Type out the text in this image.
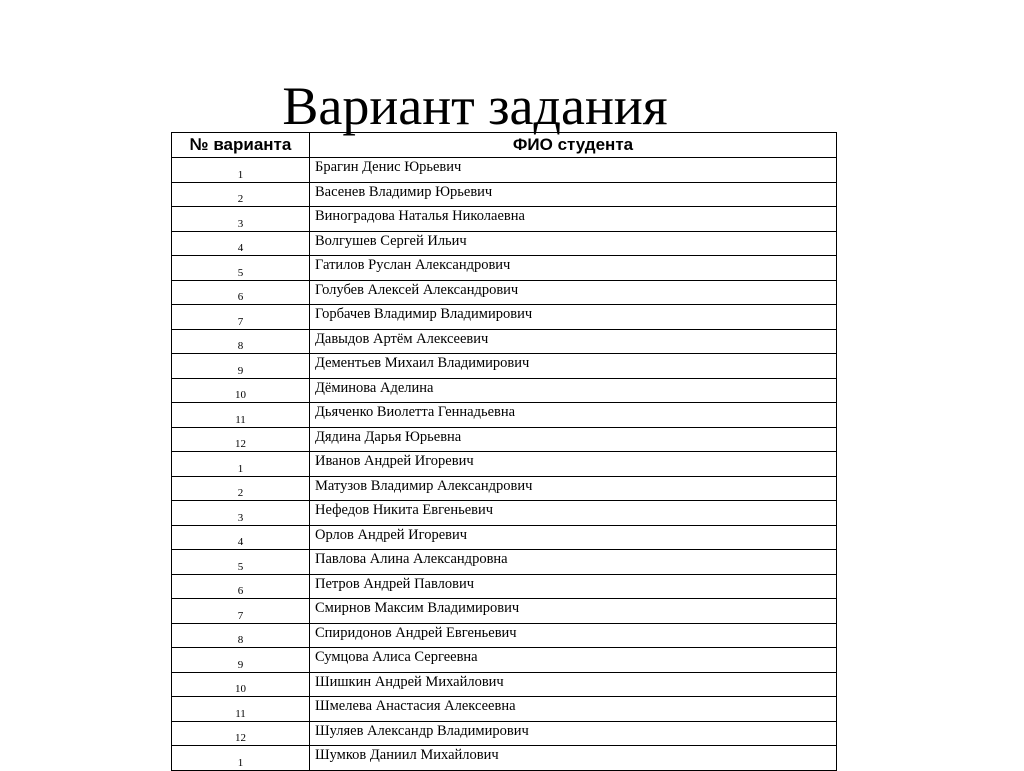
Вариант задания
№ варианта	ФИО студента
1	Брагин Денис Юрьевич
2	Васенев Владимир Юрьевич
3	Виноградова Наталья Николаевна
4	Волгушев Сергей Ильич
5	Гатилов Руслан Александрович
6	Голубев Алексей Александрович
7	Горбачев Владимир Владимирович
8	Давыдов Артём Алексеевич
9	Дементьев Михаил Владимирович
10	Дёминова Аделина
11	Дьяченко Виолетта Геннадьевна
12	Дядина Дарья Юрьевна
1	Иванов Андрей Игоревич
2	Матузов Владимир Александрович
3	Нефедов Никита Евгеньевич
4	Орлов Андрей Игоревич
5	Павлова Алина Александровна
6	Петров Андрей Павлович
7	Смирнов Максим Владимирович
8	Спиридонов Андрей Евгеньевич
9	Сумцова Алиса Сергеевна
10	Шишкин Андрей Михайлович
11	Шмелева Анастасия Алексеевна
12	Шуляев Александр Владимирович
1	Шумков Даниил Михайлович
